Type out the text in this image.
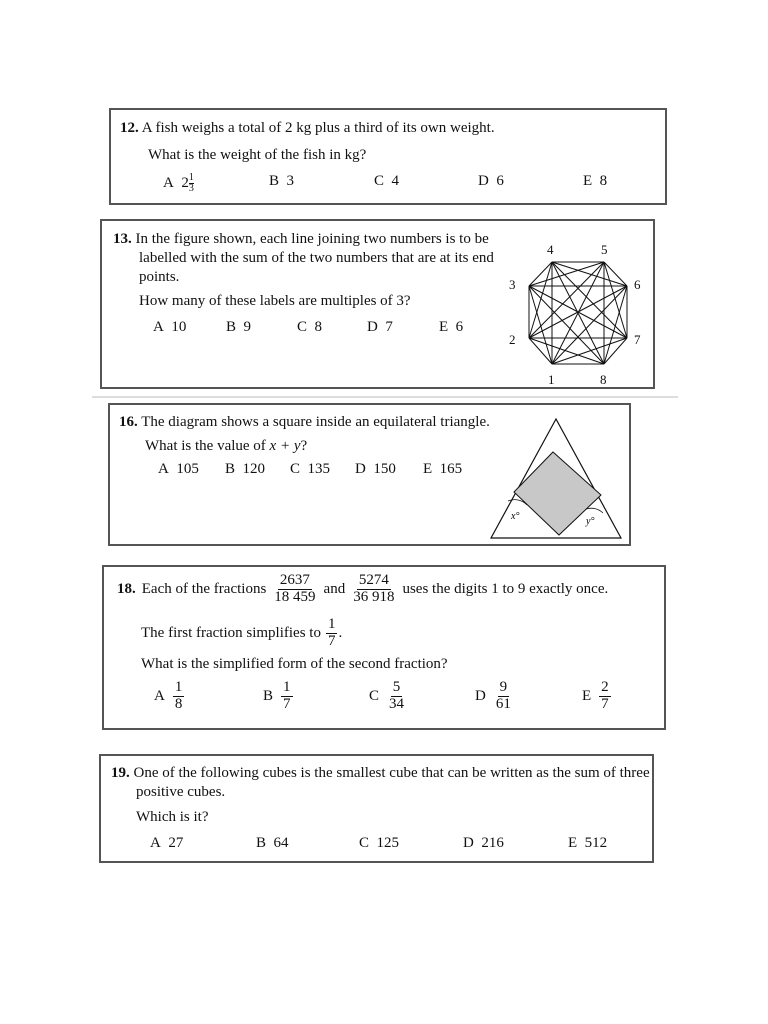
12. A fish weighs a total of 2 kg plus a third of its own weight.
What is the weight of the fish in kg?
A $2 \frac{1}{3}$	B 3	C 4	D 6	E 8
13. In the figure shown, each line joining two numbers is to be
labelled with the sum of the two numbers that are at its end
points.
How many of these labels are multiples of 3?
A 10	B 9	C 8	D 7	E 6
1
2
3
4	5
6
7
8
16. The diagram shows a square inside an equilateral triangle.
What is the value of x + y?
A 105 B 120 C 135 D 150 E 165
x°	y°
18. Each of the fractions $\frac{2637}{18 459}$ and $\frac{5274}{36 918}$ uses the digits 1 to 9 exactly once.
The first fraction simplifies to $\frac{1}{7}$ .
What is the simplified form of the second fraction?
A $\frac{1}{8}$	B $\frac{1}{7}$	C $\frac{5}{34}$	D $\frac{9}{61}$	E $\frac{2}{7}$
19. One of the following cubes is the smallest cube that can be written as the sum of three
positive cubes.
Which is it?
A 27	B 64	C 125	D 216	E 512
